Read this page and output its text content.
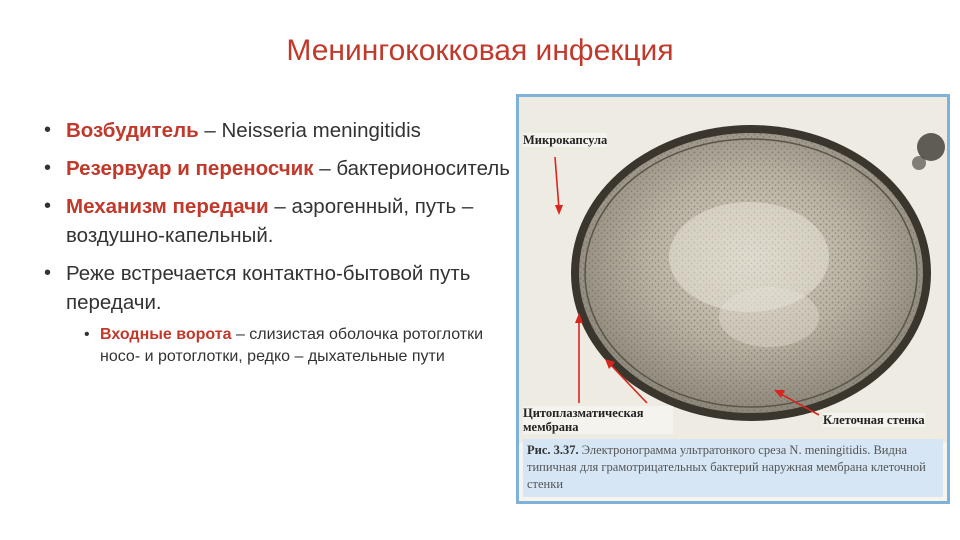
Менингококковая инфекция
• Возбудитель – Neisseria meningitidis
• Резервуар и переносчик – бактерионоситель
• Механизм передачи – аэрогенный, путь – воздушно-капельный.
• Реже встречается контактно-бытовой путь передачи.
• Входные ворота – слизистая оболочка ротоглотки носо- и ротоглотки, редко – дыхательные пути
Микрокапсула
Цитоплазматическая мембрана	Клеточная стенка
Рис. 3.37. Электронограмма ультратонкого среза N. meningitidis. Видна типичная для грамотрицательных бактерий наружная мембрана клеточной стенки
